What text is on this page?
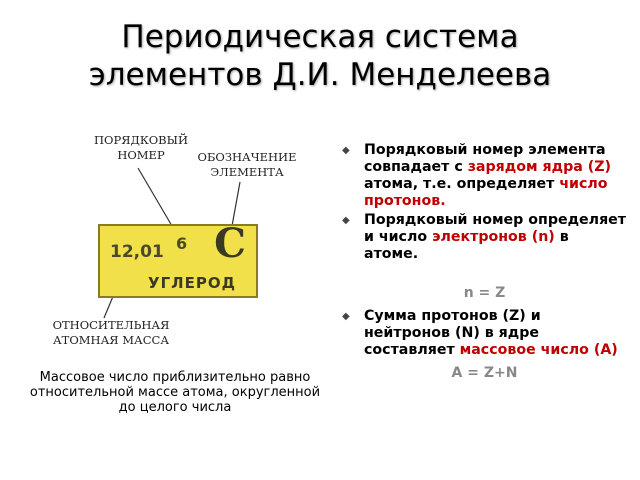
Периодическая система
элементов Д.И. Менделеева
ПОРЯДКОВЫЙ
НОМЕР	ОБОЗНАЧЕНИЕ
ЭЛЕМЕНТА
ОТНОСИТЕЛЬНАЯ
АТОМНАЯ МАССА
12,01 6 C
УГЛЕРОД
Массовое число приблизительно равно относительной массе атома, округленной до целого числа
◆ Порядковый номер элемента совпадает с зарядом ядра (Z) атома, т.е. определяет число протонов.
◆ Порядковый номер определяет и число электронов (n) в атоме.
n = Z
◆ Сумма протонов (Z) и нейтронов (N) в ядре составляет массовое число (А)
A = Z+N
